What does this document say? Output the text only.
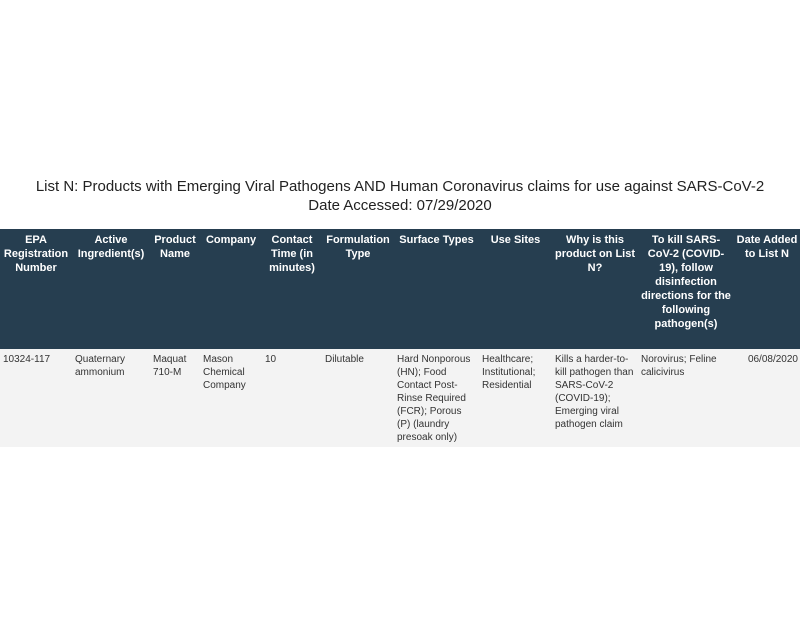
List N: Products with Emerging Viral Pathogens AND Human Coronavirus claims for use against SARS-CoV-2
Date Accessed: 07/29/2020
EPA Registration Number	Active Ingredient(s)	Product Name	Company	Contact Time (in minutes)	Formulation Type	Surface Types	Use Sites	Why is this product on List N?	To kill SARS-CoV-2 (COVID-19), follow disinfection directions for the following pathogen(s)	Date Added to List N
10324-117	Quaternary ammonium	Maquat 710-M	Mason Chemical Company	10	Dilutable	Hard Nonporous (HN); Food Contact Post-Rinse Required (FCR); Porous (P) (laundry presoak only)	Healthcare; Institutional; Residential	Kills a harder-to-kill pathogen than SARS-CoV-2 (COVID-19); Emerging viral pathogen claim	Norovirus; Feline calicivirus	06/08/2020
